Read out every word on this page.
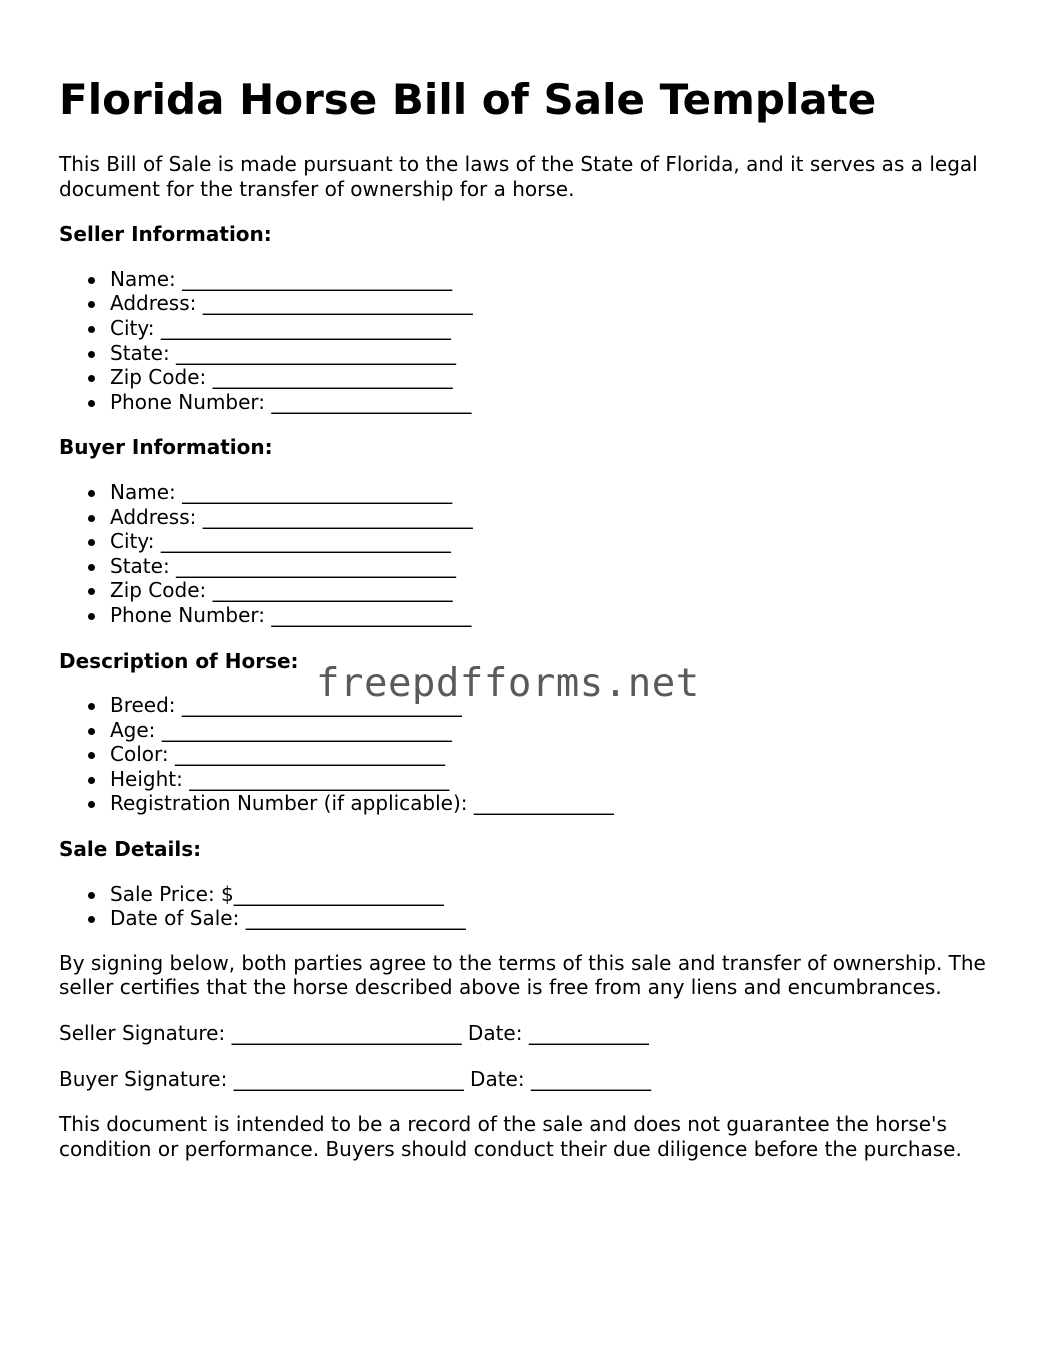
Florida Horse Bill of Sale Template

This Bill of Sale is made pursuant to the laws of the State of Florida, and it serves as a legal document for the transfer of ownership for a horse.

Seller Information:
Name: ___________________________
Address: ___________________________
City: _____________________________
State: ____________________________
Zip Code: ________________________
Phone Number: ____________________
Buyer Information:
Name: ___________________________
Address: ___________________________
City: _____________________________
State: ____________________________
Zip Code: ________________________
Phone Number: ____________________
Description of Horse:
Breed: ____________________________
Age: _____________________________
Color: ___________________________
Height: __________________________
Registration Number (if applicable): ______________
Sale Details:
Sale Price: $_____________________
Date of Sale: ______________________

By signing below, both parties agree to the terms of this sale and transfer of ownership. The seller certifies that the horse described above is free from any liens and encumbrances.

Seller Signature: _______________________ Date: ____________

Buyer Signature: _______________________ Date: ____________

This document is intended to be a record of the sale and does not guarantee the horse's condition or performance. Buyers should conduct their due diligence before the purchase.

freepdfforms.net
